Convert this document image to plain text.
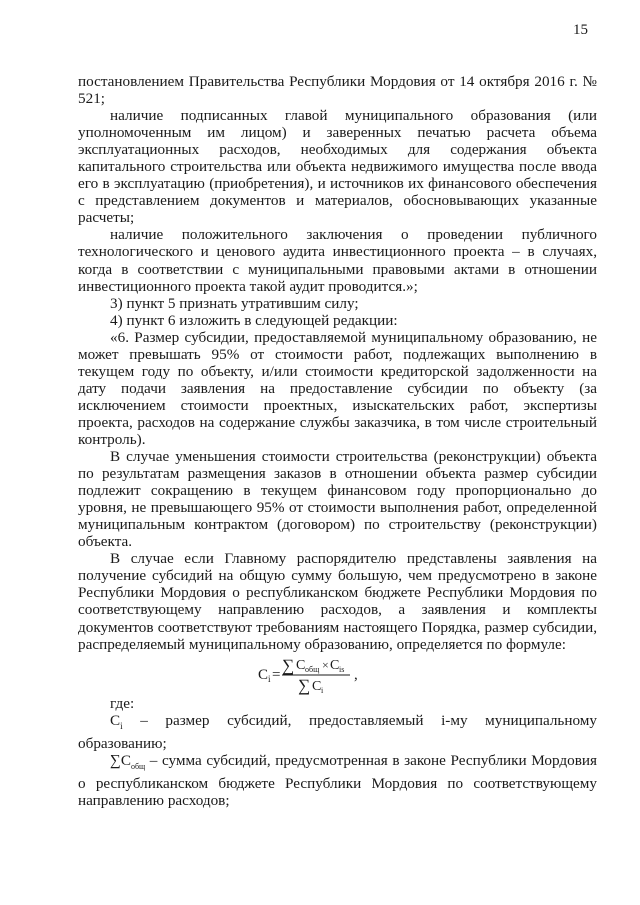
15

постановлением Правительства Республики Мордовия от 14 октября 2016 г. № 521;

наличие подписанных главой муниципального образования (или уполномоченным им лицом) и заверенных печатью расчета объема эксплуатационных расходов, необходимых для содержания объекта капитального строительства или объекта недвижимого имущества после ввода его в эксплуатацию (приобретения), и источников их финансового обеспечения с представлением документов и материалов, обосновывающих указанные расчеты;

наличие положительного заключения о проведении публичного технологического и ценового аудита инвестиционного проекта – в случаях, когда в соответствии с муниципальными правовыми актами в отношении инвестиционного проекта такой аудит проводится.»;

3) пункт 5 признать утратившим силу;

4) пункт 6 изложить в следующей редакции:

«6. Размер субсидии, предоставляемой муниципальному образованию, не может превышать 95% от стоимости работ, подлежащих выполнению в текущем году по объекту, и/или стоимости кредиторской задолженности на дату подачи заявления на предоставление субсидии по объекту (за исключением стоимости проектных, изыскательских работ, экспертизы проекта, расходов на содержание службы заказчика, в том числе строительный контроль).

В случае уменьшения стоимости строительства (реконструкции) объекта по результатам размещения заказов в отношении объекта размер субсидии подлежит сокращению в текущем финансовом году пропорционально до уровня, не превышающего 95% от стоимости выполнения работ, определенной муниципальным контрактом (договором) по строительству (реконструкции) объекта.

В случае если Главному распорядителю представлены заявления на получение субсидий на общую сумму большую, чем предусмотрено в законе Республики Мордовия о республиканском бюджете Республики Мордовия по соответствующему направлению расходов, а заявления и комплекты документов соответствуют требованиям настоящего Порядка, размер субсидии, распределяемый муниципальному образованию, определяется по формуле:

C i = ∑ C общ × C is
∑ C i
,

где:

$C_i$ – размер субсидий, предоставляемый i-му муниципальному образованию;

$\sum C_{общ}$ – сумма субсидий, предусмотренная в законе Республики Мордовия о республиканском бюджете Республики Мордовия по соответствующему направлению расходов;
